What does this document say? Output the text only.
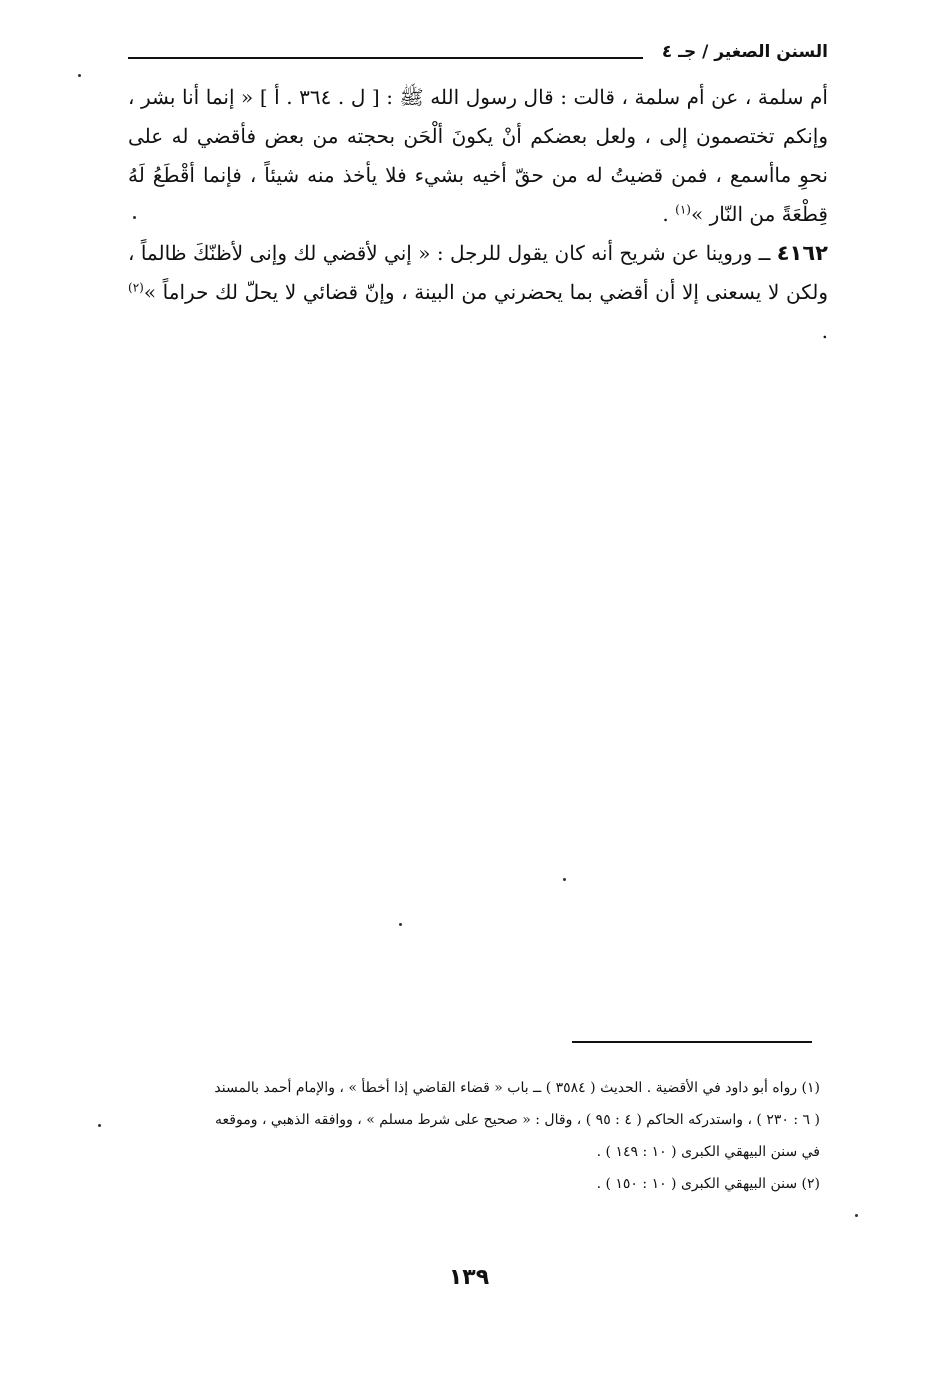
السنن الصغير / جـ ٤

أم سلمة ، عن أم سلمة ، قالت : قال رسول الله ﷺ : [ ل . ٣٦٤ . أ ] « إنما أنا بشر ، وإنكم تختصمون إلى ، ولعل بعضكم أنْ يكونَ ألْحَن بحجته من بعض فأقضي له على نحوِ ماأسمع ، فمن قضيتُ له من حقّ أخيه بشيء فلا يأخذ منه شيئاً ، فإنما أقْطَعُ لَهُ قِطْعَةً من النّار »$^{(١)}$ .

٤١٦٢ ــ وروينا عن شريح أنه كان يقول للرجل : « إني لأقضي لك وإنى لأظنّكَ ظالماً ، ولكن لا يسعنى إلا أن أقضي بما يحضرني من البينة ، وإنّ قضائي لا يحلّ لك حراماً »$^{(٢)}$ .

(١) رواه أبو داود في الأقضية . الحديث ( ٣٥٨٤ ) ــ باب « قضاء القاضي إذا أخطأ » ، والإمام أحمد بالمسند

( ٦ : ٢٣٠ ) ، واستدركه الحاكم ( ٤ : ٩٥ ) ، وقال : « صحيح على شرط مسلم » ، ووافقه الذهبي ، وموقعه

في سنن البيهقي الكبرى ( ١٠ : ١٤٩ ) .

(٢) سنن البيهقي الكبرى ( ١٠ : ١٥٠ ) .

١٣٩
